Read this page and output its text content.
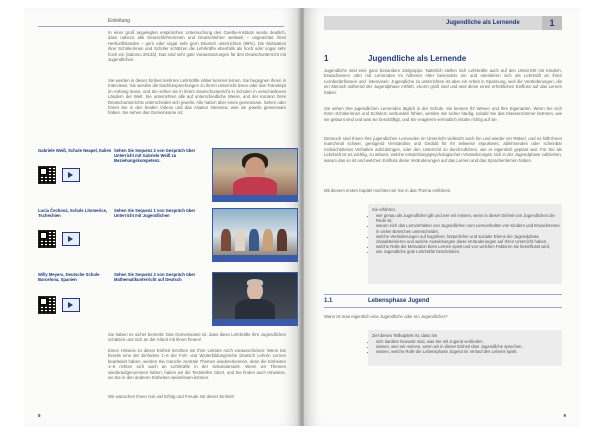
Einleitung
In einer groß angelegten empirischen Untersuchung des Goethe-Instituts wurde deutlich, dass nahezu alle Deutschlehrerinnen und Deutschlehrer weltweit – ungeachtet ihres Herkunftslandes – gern oder sogar sehr gern Deutsch unterrichten (98%). Die Motivation ihrer Schülerinnen und Schüler schätzen die Lehrkräfte ebenfalls als hoch oder sogar sehr hoch ein (Salomo 2014b). Das sind sehr gute Voraussetzungen für den Deutschunterricht mit Jugendlichen.
Sie werden in dieser Einheit mehrere Lehrkräfte näher kennen lernen. Sie begegnen ihnen in Interviews. Sie werden die Nachbesprechungen zu ihrem Unterricht lesen oder das Transkript im Anhang lesen, und Sie sehen sie in ihrem Deutschunterricht in Schulen in verschiedenen Ländern der Welt. Sie unterrichten alle auf unterschiedliche Weise, und der Kontext ihres Deutschunterrichts unterscheidet sich jeweils. Alle haben aber eines gemeinsam. Sehen oder hören Sie in den beiden Videos und das Asiaten Interview, was sie jeweils gemeinsam haben. Sie sehen das Gemeinsame ist:
Gabriele Weiß, Schule Neapel, Italien Sehen Sie Sequenz 2 von Gespräch über Unterricht mit Gabriele Weiß zu Beziehungskompetenz.
Lucia Čechová, Schule Litomerice, Tschechien
Sehen Sie Sequenz 1 von Gespräch über Unterricht mit Jugendlichen
Willy Meyers, Deutsche Schule Barcelona, Spanien
Sehen Sie Sequenz 2 von Gespräch über Mathematikunterricht auf Deutsch
Sie haben es sicher bemerkt: Das Gemeinsame ist, dass diese Lehrkräfte ihre Jugendlichen schätzen und sich an der Arbeit mit ihnen freuen!
Einen Hinweis zu dieser Einheit möchten wir Ihrer Lektüre noch vorausschicken: Wenn Sie bereits eine der Einheiten 1–6 der Fort- und Weiterbildungsreihe Deutsch Lehren Lernen bearbeitet haben, werden Sie manche zentrale Themen wiedererkennen, denn die Einheiten 1–6 richten sich auch an Lehrkräfte in der Sekundarstufe. Wenn wir Themen wiederaufgenommen haben, haben wir die Textstellen zitiert, und Sie finden auch Hinweise, wo Sie in den anderen Einheiten weiterlesen können.
Wir wünschen Ihnen nun viel Erfolg und Freude mit dieser Einheit!
8
Jugendliche als Lernende	1
1	Jugendliche als Lernende
Jugendliche sind eine ganz besondere Zielgruppe. Natürlich stellen sich Lehrkräfte auch auf den Unterricht mit Kindern, Erwachsenen oder mit Lernenden im höheren Alter besonders ein und orientieren sich als Lehrkraft an ihren Lernbedürfnissen und -interessen. Jugendliche zu unterrichten ist aber ein Arbeit in Spannung, weil die Veränderungen, die ein Mensch während der Jugendphase erfährt, enorm groß sind und weil diese einen erheblichen Einfluss auf das Lernen haben.
Sie sehen Ihre jugendlichen Lernenden täglich in der Schule. Sie kennen Ihr Wesen und Ihre Eigenarten. Wenn Sie sich Ihren Schülerinnen und Schülern verbunden fühlen, werden Sie sicher häufig, sobald Sie das Klassenzimmer betreten, wie sie gelaunt sind und was sie beschäftigt, und Sie reagieren vermutlich intuitiv richtig auf sie.
Dennoch sind Ihnen Ihre jugendlichen Lernenden im Unterricht vielleicht auch hin und wieder ein Rätsel, und es fällt Ihnen manchmal schwer, genügend Verständnis und Geduld für ihr teilweise impulsives, ablehnendes oder scheinbar rücksichtsloses Verhalten aufzubringen, oder den Unterricht so durchzuführen, wie er eigentlich geplant war. Für Sie als Lehrkraft ist es wichtig, zu wissen, welche entwicklungspsychologischen Veränderungen sich in der Jugendphase vollziehen, warum das so ist und welchen Einfluss diese Veränderungen auf das Lernen und das Sprachenlernen haben.
Mit diesem ersten Kapitel möchten wir Sie in das Thema einführen.
Sie erfahren,
• wer genau als Jugendlicher gilt und wer wir meinen, wenn in dieser Einheit von Jugendlichen die Rede ist,
• warum sich das Lernverhalten von Jugendlichen vom Lernverhalten von Kindern und Erwachsenen in vielen Bereichen unterscheidet,
• welche Veränderungen auf kognitiver, körperlicher und sozialer Ebene die Jugendphase charakterisieren und welche Auswirkungen diese Veränderungen auf Ihren Unterricht haben,
• welche Rolle die Motivation beim Lernen spielt und von welchen Faktoren sie beeinflusst wird,
• wie Jugendliche gute Lehrkräfte beschreiben.
1.1	Lebensphase Jugend
Wann ist man eigentlich eine Jugendliche oder ein Jugendlicher?
Ziel dieses Teilkapitels ist, dass Sie
• sich darüber bewusst sind, was Sie mit Jugend verbinden,
• wissen, wen wir meinen, wenn wir in dieser Einheit über Jugendliche sprechen,
• wissen, welche Rolle die Lebensphase Jugend im Verlauf des Lebens spielt.
9
